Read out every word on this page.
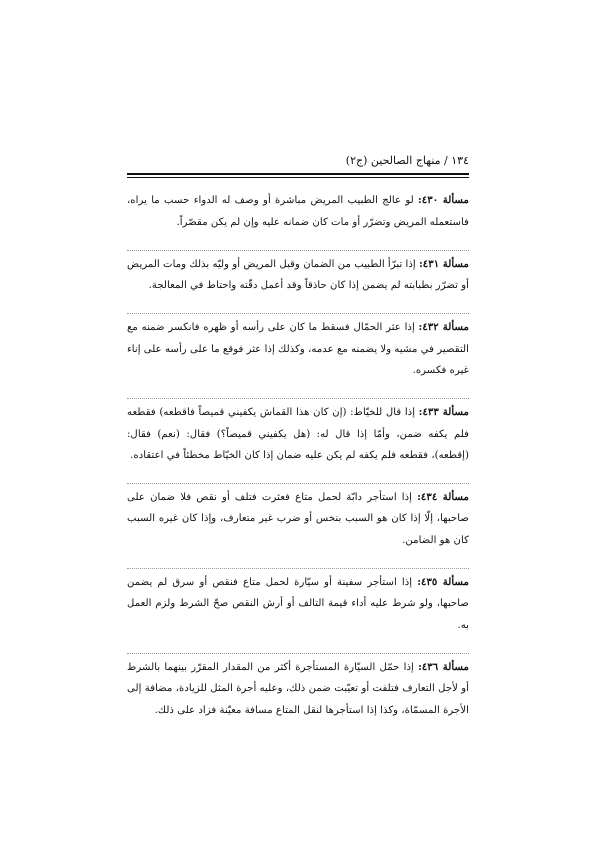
١٣٤ / منهاج الصالحين (ج٢)

مسألة ٤٣٠: لو عالج الطبيب المريض مباشرة أو وصف له الدواء حسب ما يراه، فاستعمله المريض وتضرّر أو مات كان ضمانه عليه وإن لم يكن مقصّراً.

مسألة ٤٣١: إذا تبرّأ الطبيب من الضمان وقبل المريض أو وليّه بذلك ومات المريض أو تضرّر بطبابته لم يضمن إذا كان حاذقاً وقد أعمل دقّته واحتاط في المعالجة.

مسألة ٤٣٢: إذا عثر الحمّال فسقط ما كان على رأسه أو ظهره فانكسر ضمنه مع التقصير في مشيه ولا يضمنه مع عدمه، وكذلك إذا عثر فوقع ما على رأسه على إناء غيره فكسره.

مسألة ٤٣٣: إذا قال للخيّاط: (إن كان هذا القماش يكفيني قميصاً فاقطعه) فقطعه فلم يكفه ضمن، وأمّا إذا قال له: (هل يكفيني قميصاً؟) فقال: (نعم) فقال: (إقطعه)، فقطعه فلم يكفه لم يكن عليه ضمان إذا كان الخيّاط مخطئاً في اعتقاده.

مسألة ٤٣٤: إذا استأجر دابّة لحمل متاع فعثرت فتلف أو نقص فلا ضمان على صاحبها، إلّا إذا كان هو السبب بنخس أو ضرب غير متعارف، وإذا كان غيره السبب كان هو الضامن.

مسألة ٤٣٥: إذا استأجر سفينة أو سيّارة لحمل متاع فنقص أو سرق لم يضمن صاحبها، ولو شرط عليه أداء قيمة التالف أو أرش النقص صحّ الشرط ولزم العمل به.

مسألة ٤٣٦: إذا حمّل السيّارة المستأجرة أكثر من المقدار المقرّر بينهما بالشرط أو لأجل التعارف فتلفت أو تعيّبت ضمن ذلك، وعليه أجرة المثل للزيادة، مضافة إلى الأجرة المسمّاة، وكذا إذا استأجرها لنقل المتاع مسافة معيّنة فزاد على ذلك.
